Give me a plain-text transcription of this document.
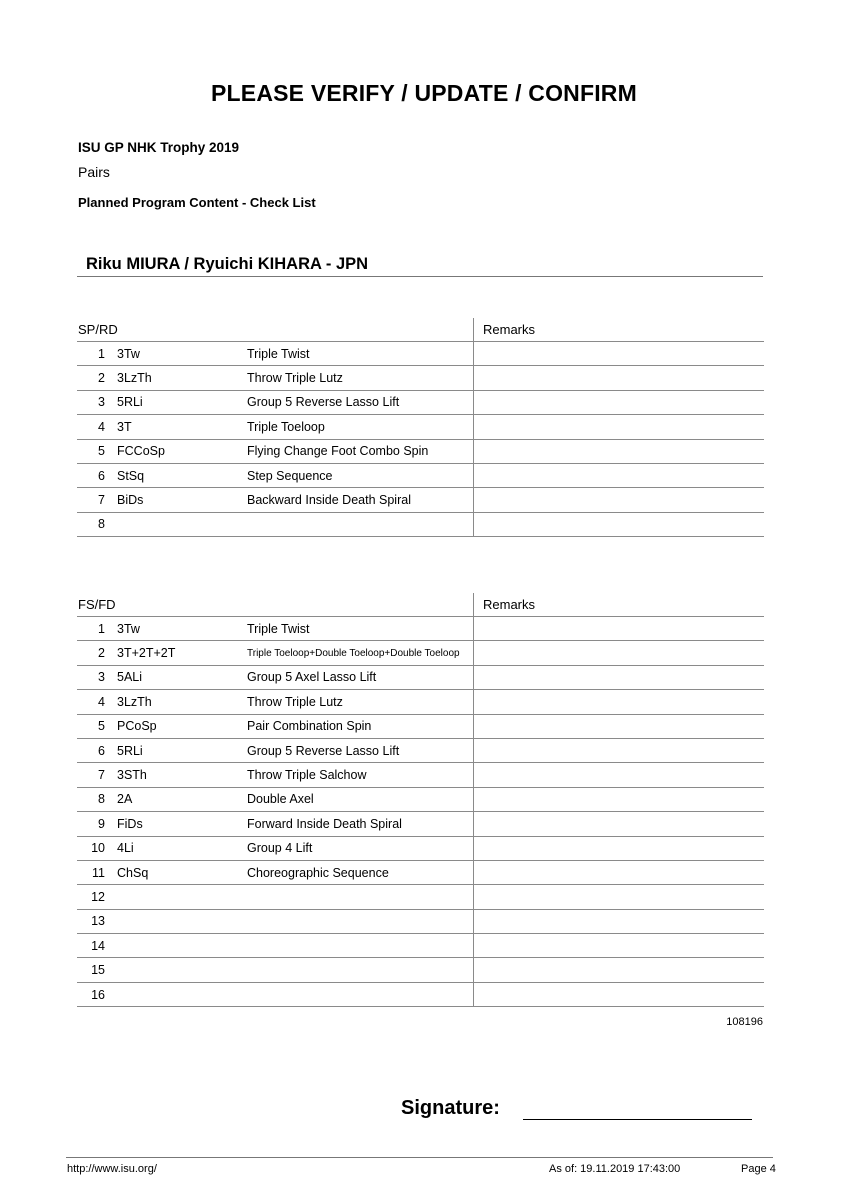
PLEASE VERIFY / UPDATE / CONFIRM
ISU GP NHK Trophy 2019
Pairs
Planned Program Content - Check List
Riku MIURA / Ryuichi KIHARA - JPN
SP/RD			Remarks
1	3Tw	Triple Twist	
2	3LzTh	Throw Triple Lutz	
3	5RLi	Group 5 Reverse Lasso Lift	
4	3T	Triple Toeloop	
5	FCCoSp	Flying Change Foot Combo Spin	
6	StSq	Step Sequence	
7	BiDs	Backward Inside Death Spiral	
8			
FS/FD			Remarks
1	3Tw	Triple Twist	
2	3T+2T+2T	Triple Toeloop+Double Toeloop+Double Toeloop	
3	5ALi	Group 5 Axel Lasso Lift	
4	3LzTh	Throw Triple Lutz	
5	PCoSp	Pair Combination Spin	
6	5RLi	Group 5 Reverse Lasso Lift	
7	3STh	Throw Triple Salchow	
8	2A	Double Axel	
9	FiDs	Forward Inside Death Spiral	
10	4Li	Group 4 Lift	
11	ChSq	Choreographic Sequence	
12			
13			
14			
15			
16			
108196
Signature:
http://www.isu.org/	As of: 19.11.2019 17:43:00	Page 4
